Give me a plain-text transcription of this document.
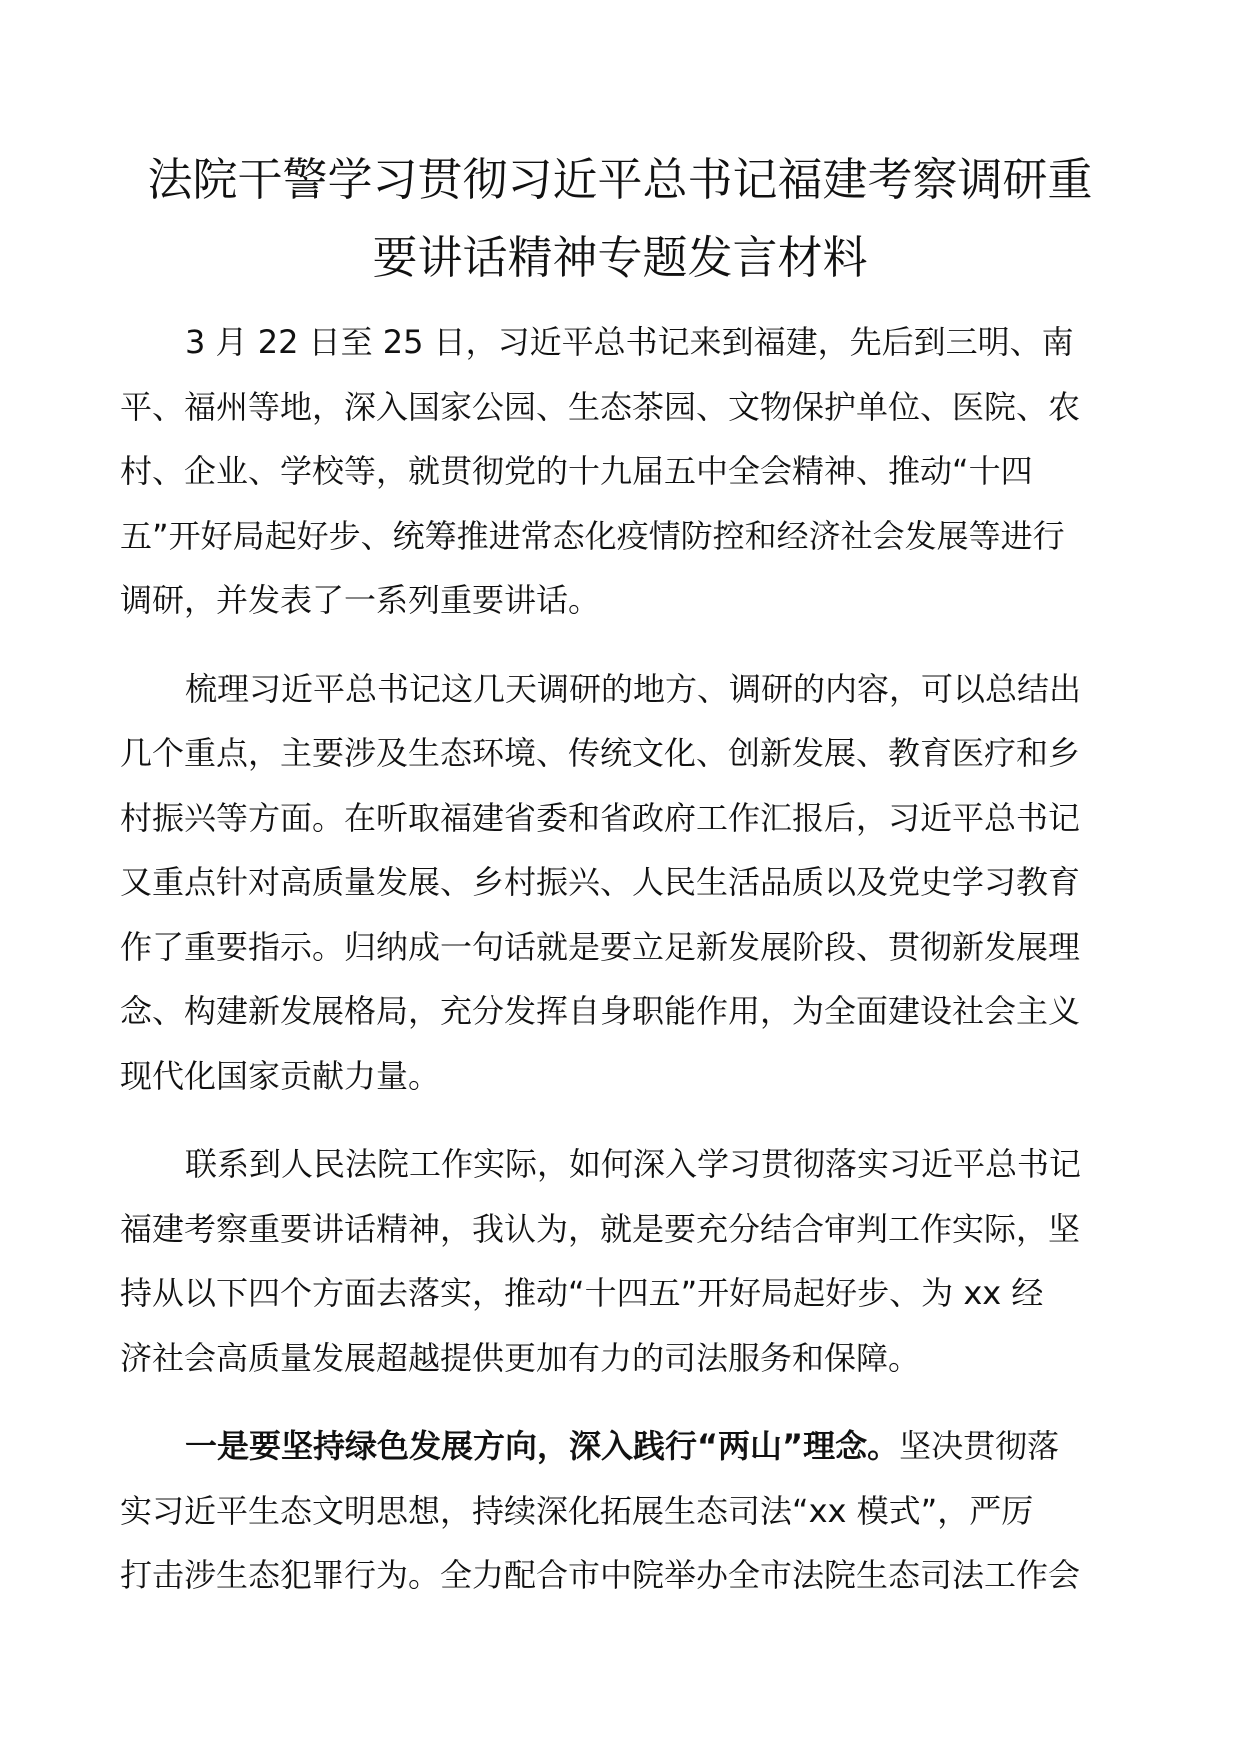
法院干警学习贯彻习近平总书记福建考察调研重
要讲话精神专题发言材料

3 月 22 日至 25 日，习近平总书记来到福建，先后到三明、南
平、福州等地，深入国家公园、生态茶园、文物保护单位、医院、农
村、企业、学校等，就贯彻党的十九届五中全会精神、推动“十四
五”开好局起好步、统筹推进常态化疫情防控和经济社会发展等进行
调研，并发表了一系列重要讲话。

梳理习近平总书记这几天调研的地方、调研的内容，可以总结出
几个重点，主要涉及生态环境、传统文化、创新发展、教育医疗和乡
村振兴等方面。在听取福建省委和省政府工作汇报后，习近平总书记
又重点针对高质量发展、乡村振兴、人民生活品质以及党史学习教育
作了重要指示。归纳成一句话就是要立足新发展阶段、贯彻新发展理
念、构建新发展格局，充分发挥自身职能作用，为全面建设社会主义
现代化国家贡献力量。

联系到人民法院工作实际，如何深入学习贯彻落实习近平总书记
福建考察重要讲话精神，我认为，就是要充分结合审判工作实际，坚
持从以下四个方面去落实，推动“十四五”开好局起好步、为 xx 经
济社会高质量发展超越提供更加有力的司法服务和保障。

一是要坚持绿色发展方向，深入践行“两山”理念。坚决贯彻落
实习近平生态文明思想，持续深化拓展生态司法“xx 模式”，严厉
打击涉生态犯罪行为。全力配合市中院举办全市法院生态司法工作会
